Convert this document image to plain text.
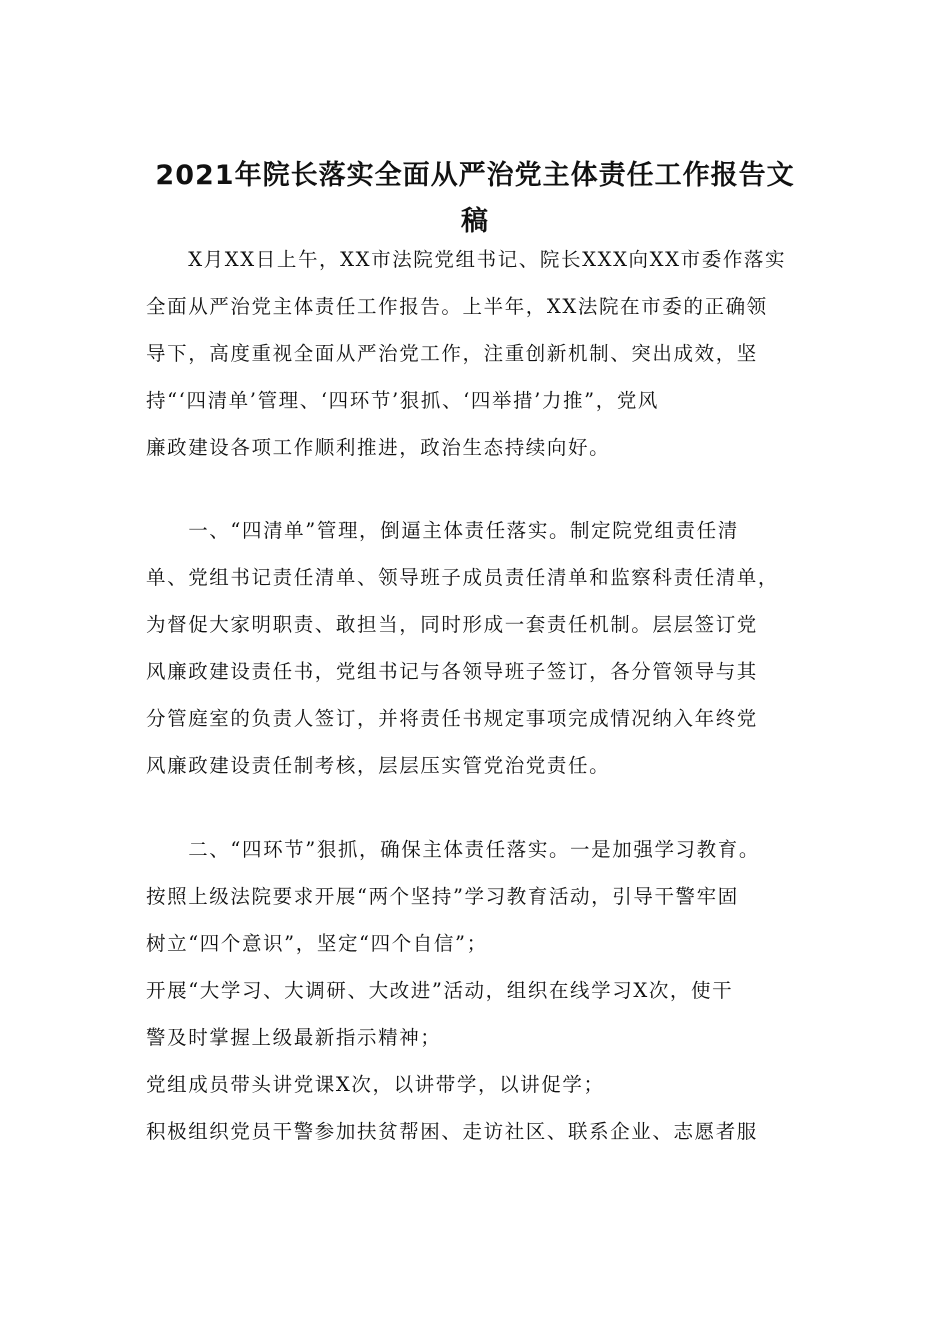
2021年院长落实全面从严治党主体责任工作报告文
稿
　　X月XX日上午，XX市法院党组书记、院长XXX向XX市委作落实
全面从严治党主体责任工作报告。上半年，XX法院在市委的正确领
导下，高度重视全面从严治党工作，注重创新机制、突出成效，坚
持“‘四清单’管理、‘四环节’狠抓、‘四举措’力推”，党风
廉政建设各项工作顺利推进，政治生态持续向好。
　　一、“四清单”管理，倒逼主体责任落实。制定院党组责任清
单、党组书记责任清单、领导班子成员责任清单和监察科责任清单，
为督促大家明职责、敢担当，同时形成一套责任机制。层层签订党
风廉政建设责任书，党组书记与各领导班子签订，各分管领导与其
分管庭室的负责人签订，并将责任书规定事项完成情况纳入年终党
风廉政建设责任制考核，层层压实管党治党责任。
　　二、“四环节”狠抓，确保主体责任落实。一是加强学习教育。
按照上级法院要求开展“两个坚持”学习教育活动，引导干警牢固
树立“四个意识”，坚定“四个自信”；
开展“大学习、大调研、大改进”活动，组织在线学习X次，使干
警及时掌握上级最新指示精神；
党组成员带头讲党课X次，以讲带学，以讲促学；
积极组织党员干警参加扶贫帮困、走访社区、联系企业、志愿者服
